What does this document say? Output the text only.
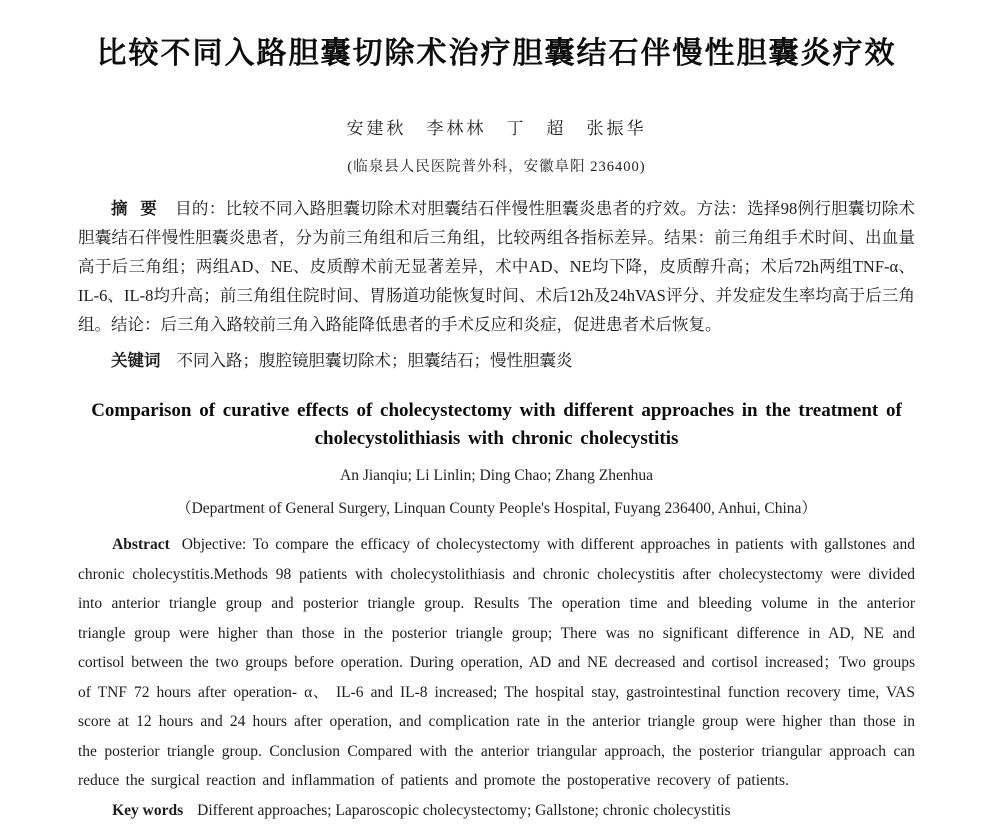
比较不同入路胆囊切除术治疗胆囊结石伴慢性胆囊炎疗效
安建秋　李林林　丁　超　张振华
(临泉县人民医院普外科，安徽阜阳 236400)

摘 要 目的：比较不同入路胆囊切除术对胆囊结石伴慢性胆囊炎患者的疗效。方法：选择98例行胆囊切除术胆囊结石伴慢性胆囊炎患者，分为前三角组和后三角组，比较两组各指标差异。结果：前三角组手术时间、出血量高于后三角组；两组AD、NE、皮质醇术前无显著差异，术中AD、NE均下降，皮质醇升高；术后72h两组TNF-α、IL-6、IL-8均升高；前三角组住院时间、胃肠道功能恢复时间、术后12h及24hVAS评分、并发症发生率均高于后三角组。结论：后三角入路较前三角入路能降低患者的手术反应和炎症，促进患者术后恢复。

关键词 不同入路；腹腔镜胆囊切除术；胆囊结石；慢性胆囊炎

Comparison of curative effects of cholecystectomy with different approaches in the treatment of cholecystolithiasis with chronic cholecystitis
An Jianqiu; Li Linlin; Ding Chao; Zhang Zhenhua
（Department of General Surgery, Linquan County People's Hospital, Fuyang 236400, Anhui, China）

Abstract Objective: To compare the efficacy of cholecystectomy with different approaches in patients with gallstones and chronic cholecystitis.Methods 98 patients with cholecystolithiasis and chronic cholecystitis after cholecystectomy were divided into anterior triangle group and posterior triangle group. Results The operation time and bleeding volume in the anterior triangle group were higher than those in the posterior triangle group; There was no significant difference in AD, NE and cortisol between the two groups before operation. During operation, AD and NE decreased and cortisol increased；Two groups of TNF 72 hours after operation- α、 IL-6 and IL-8 increased; The hospital stay, gastrointestinal function recovery time, VAS score at 12 hours and 24 hours after operation, and complication rate in the anterior triangle group were higher than those in the posterior triangle group. Conclusion Compared with the anterior triangular approach, the posterior triangular approach can reduce the surgical reaction and inflammation of patients and promote the postoperative recovery of patients.

Key words Different approaches; Laparoscopic cholecystectomy; Gallstone; chronic cholecystitis
